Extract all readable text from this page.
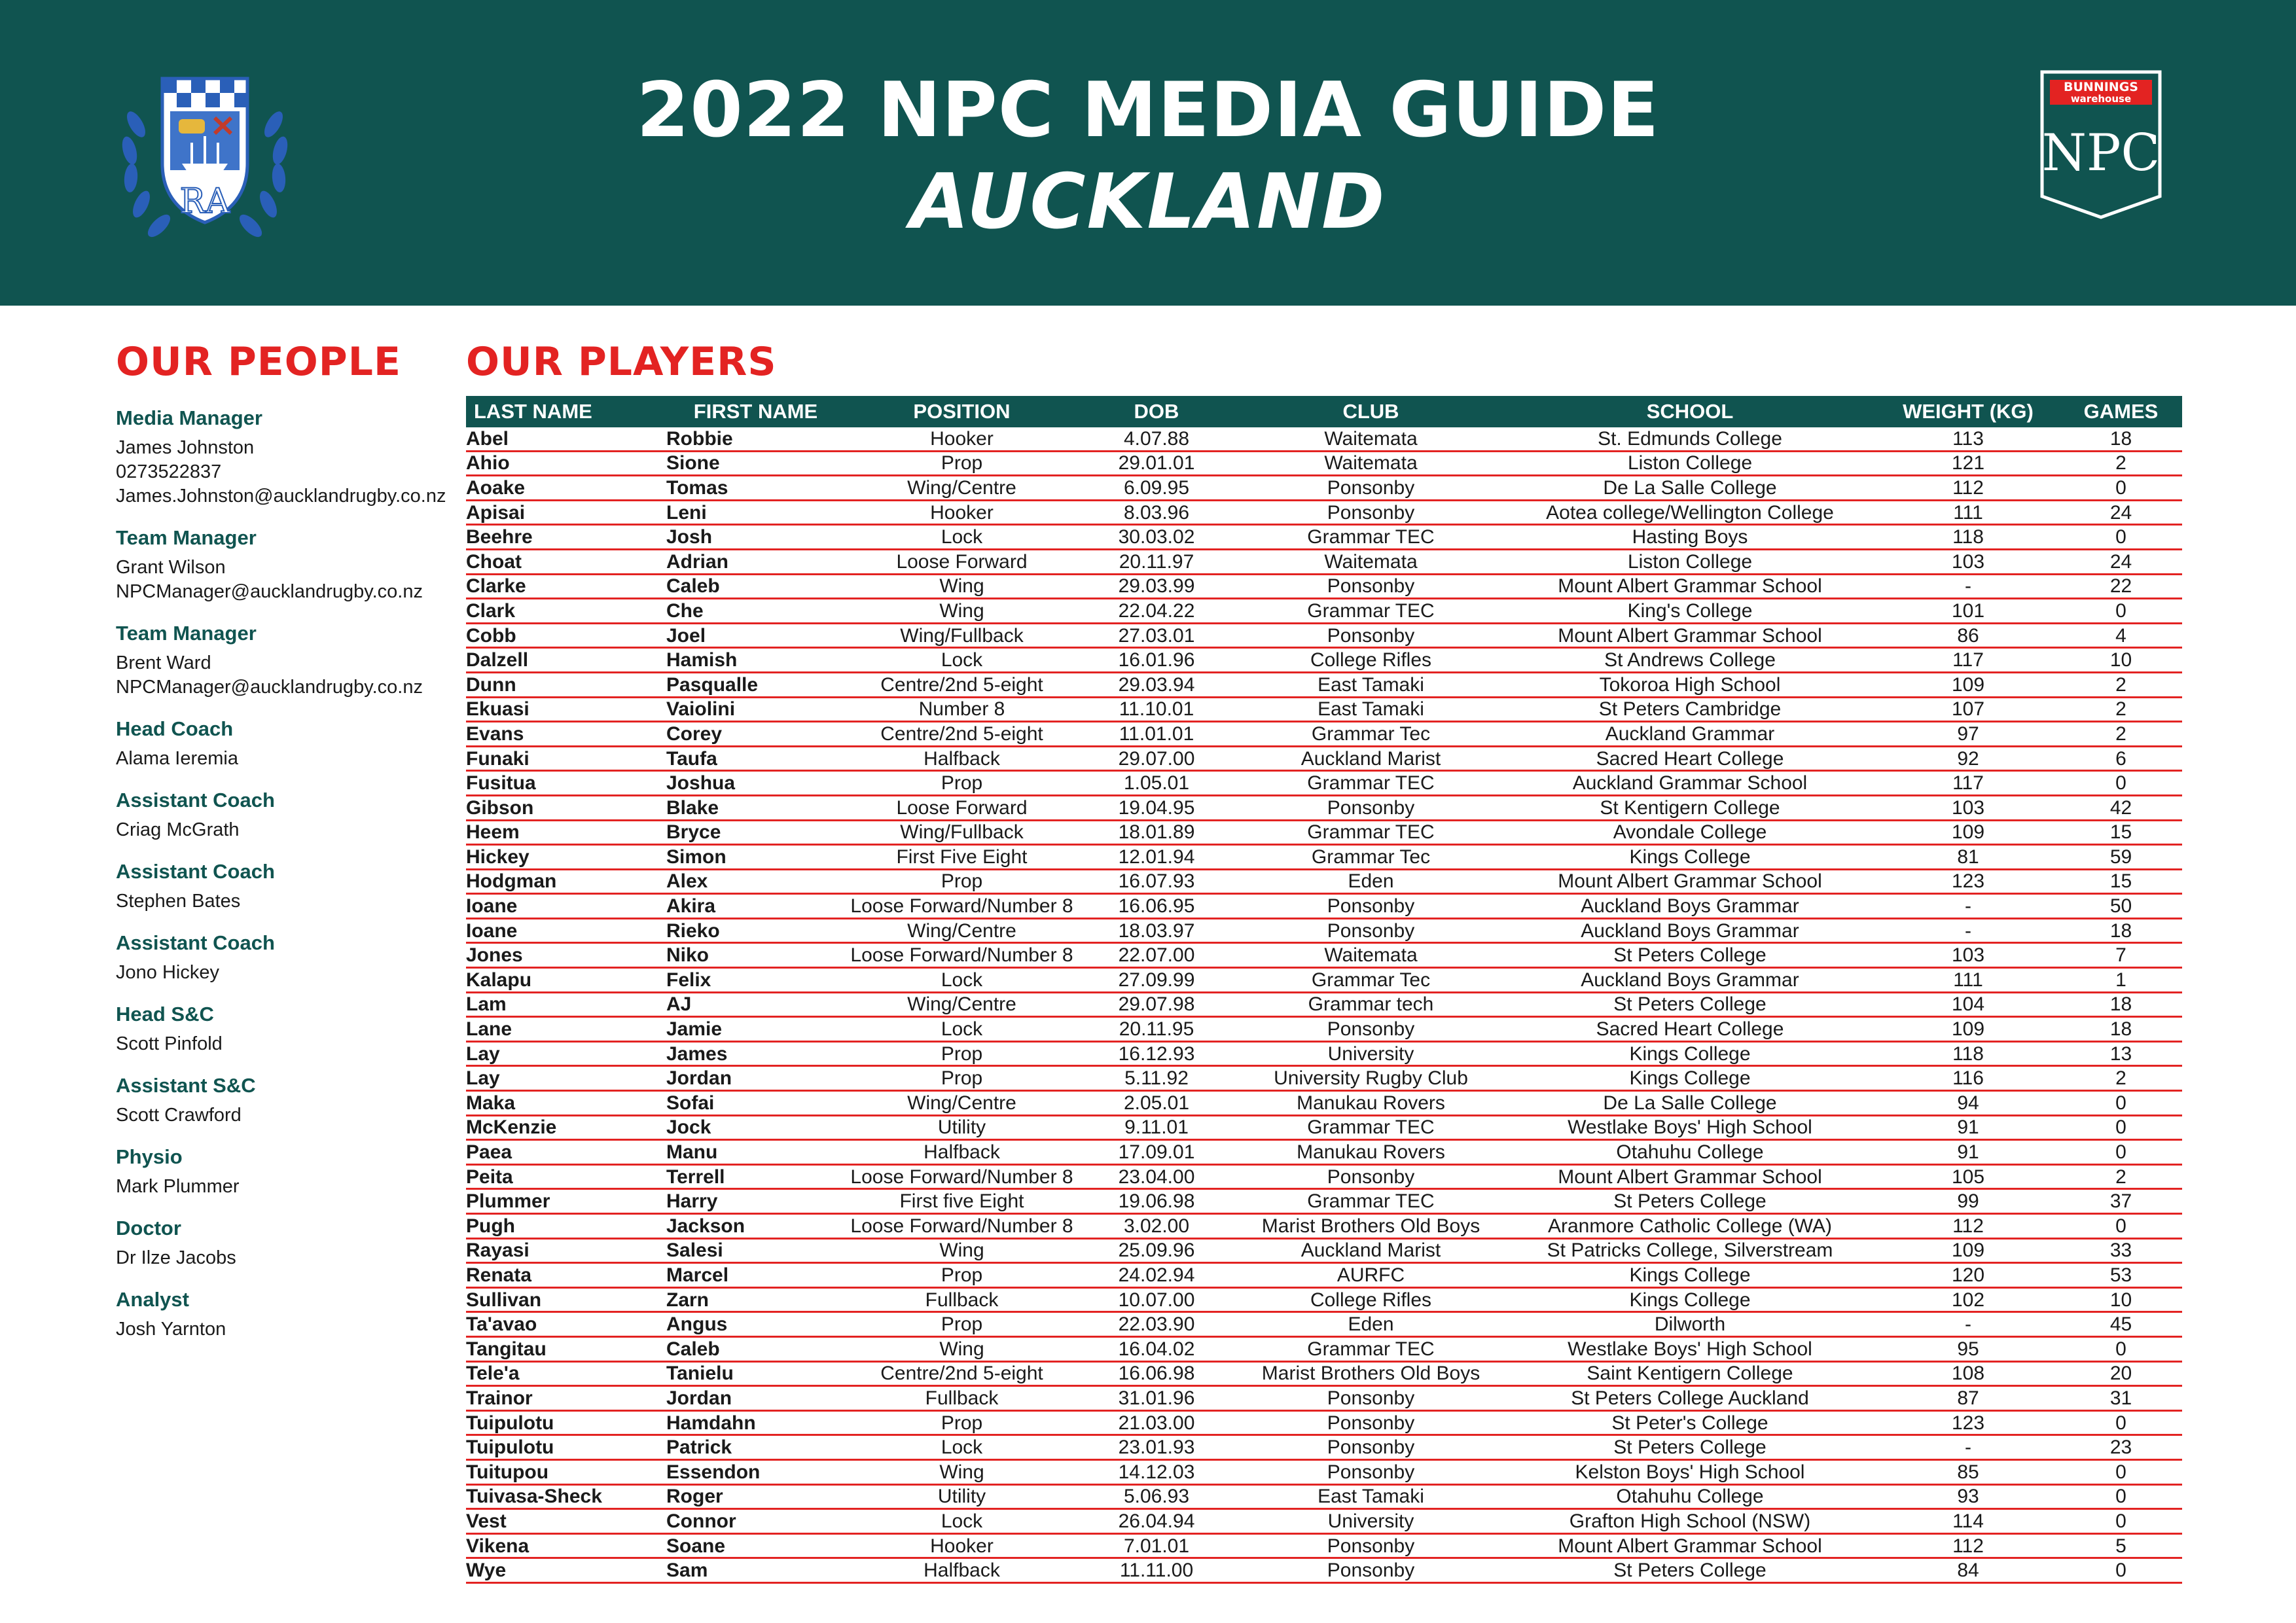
RA
2022 NPC MEDIA GUIDE
AUCKLAND
BUNNINGS
warehouse
NPC
OUR PEOPLE
Media Manager
James Johnston
0273522837
James.Johnston@aucklandrugby.co.nz
Team Manager
Grant Wilson
NPCManager@aucklandrugby.co.nz
Team Manager
Brent Ward
NPCManager@aucklandrugby.co.nz
Head Coach
Alama Ieremia
Assistant Coach
Criag McGrath
Assistant Coach
Stephen Bates
Assistant Coach
Jono Hickey
Head S&C
Scott Pinfold
Assistant S&C
Scott Crawford
Physio
Mark Plummer
Doctor
Dr Ilze Jacobs
Analyst
Josh Yarnton
OUR PLAYERS
LAST NAME	FIRST NAME	POSITION	DOB	CLUB	SCHOOL	WEIGHT (KG)	GAMES
Abel	Robbie	Hooker	4.07.88	Waitemata	St. Edmunds College	113	18
Ahio	Sione	Prop	29.01.01	Waitemata	Liston College	121	2
Aoake	Tomas	Wing/Centre	6.09.95	Ponsonby	De La Salle College	112	0
Apisai	Leni	Hooker	8.03.96	Ponsonby	Aotea college/Wellington College	111	24
Beehre	Josh	Lock	30.03.02	Grammar TEC	Hasting Boys	118	0
Choat	Adrian	Loose Forward	20.11.97	Waitemata	Liston College	103	24
Clarke	Caleb	Wing	29.03.99	Ponsonby	Mount Albert Grammar School	-	22
Clark	Che	Wing	22.04.22	Grammar TEC	King's College	101	0
Cobb	Joel	Wing/Fullback	27.03.01	Ponsonby	Mount Albert Grammar School	86	4
Dalzell	Hamish	Lock	16.01.96	College Rifles	St Andrews College	117	10
Dunn	Pasqualle	Centre/2nd 5-eight	29.03.94	East Tamaki	Tokoroa High School	109	2
Ekuasi	Vaiolini	Number 8	11.10.01	East Tamaki	St Peters Cambridge	107	2
Evans	Corey	Centre/2nd 5-eight	11.01.01	Grammar Tec	Auckland Grammar	97	2
Funaki	Taufa	Halfback	29.07.00	Auckland Marist	Sacred Heart College	92	6
Fusitua	Joshua	Prop	1.05.01	Grammar TEC	Auckland Grammar School	117	0
Gibson	Blake	Loose Forward	19.04.95	Ponsonby	St Kentigern College	103	42
Heem	Bryce	Wing/Fullback	18.01.89	Grammar TEC	Avondale College	109	15
Hickey	Simon	First Five Eight	12.01.94	Grammar Tec	Kings College	81	59
Hodgman	Alex	Prop	16.07.93	Eden	Mount Albert Grammar School	123	15
Ioane	Akira	Loose Forward/Number 8	16.06.95	Ponsonby	Auckland Boys Grammar	-	50
Ioane	Rieko	Wing/Centre	18.03.97	Ponsonby	Auckland Boys Grammar	-	18
Jones	Niko	Loose Forward/Number 8	22.07.00	Waitemata	St Peters College	103	7
Kalapu	Felix	Lock	27.09.99	Grammar Tec	Auckland Boys Grammar	111	1
Lam	AJ	Wing/Centre	29.07.98	Grammar tech	St Peters College	104	18
Lane	Jamie	Lock	20.11.95	Ponsonby	Sacred Heart College	109	18
Lay	James	Prop	16.12.93	University	Kings College	118	13
Lay	Jordan	Prop	5.11.92	University Rugby Club	Kings College	116	2
Maka	Sofai	Wing/Centre	2.05.01	Manukau Rovers	De La Salle College	94	0
McKenzie	Jock	Utility	9.11.01	Grammar TEC	Westlake Boys' High School	91	0
Paea	Manu	Halfback	17.09.01	Manukau Rovers	Otahuhu College	91	0
Peita	Terrell	Loose Forward/Number 8	23.04.00	Ponsonby	Mount Albert Grammar School	105	2
Plummer	Harry	First five Eight	19.06.98	Grammar TEC	St Peters College	99	37
Pugh	Jackson	Loose Forward/Number 8	3.02.00	Marist Brothers Old Boys	Aranmore Catholic College (WA)	112	0
Rayasi	Salesi	Wing	25.09.96	Auckland Marist	St Patricks College, Silverstream	109	33
Renata	Marcel	Prop	24.02.94	AURFC	Kings College	120	53
Sullivan	Zarn	Fullback	10.07.00	College Rifles	Kings College	102	10
Ta'avao	Angus	Prop	22.03.90	Eden	Dilworth	-	45
Tangitau	Caleb	Wing	16.04.02	Grammar TEC	Westlake Boys' High School	95	0
Tele'a	Tanielu	Centre/2nd 5-eight	16.06.98	Marist Brothers Old Boys	Saint Kentigern College	108	20
Trainor	Jordan	Fullback	31.01.96	Ponsonby	St Peters College Auckland	87	31
Tuipulotu	Hamdahn	Prop	21.03.00	Ponsonby	St Peter's College	123	0
Tuipulotu	Patrick	Lock	23.01.93	Ponsonby	St Peters College	-	23
Tuitupou	Essendon	Wing	14.12.03	Ponsonby	Kelston Boys' High School	85	0
Tuivasa-Sheck	Roger	Utility	5.06.93	East Tamaki	Otahuhu College	93	0
Vest	Connor	Lock	26.04.94	University	Grafton High School (NSW)	114	0
Vikena	Soane	Hooker	7.01.01	Ponsonby	Mount Albert Grammar School	112	5
Wye	Sam	Halfback	11.11.00	Ponsonby	St Peters College	84	0
